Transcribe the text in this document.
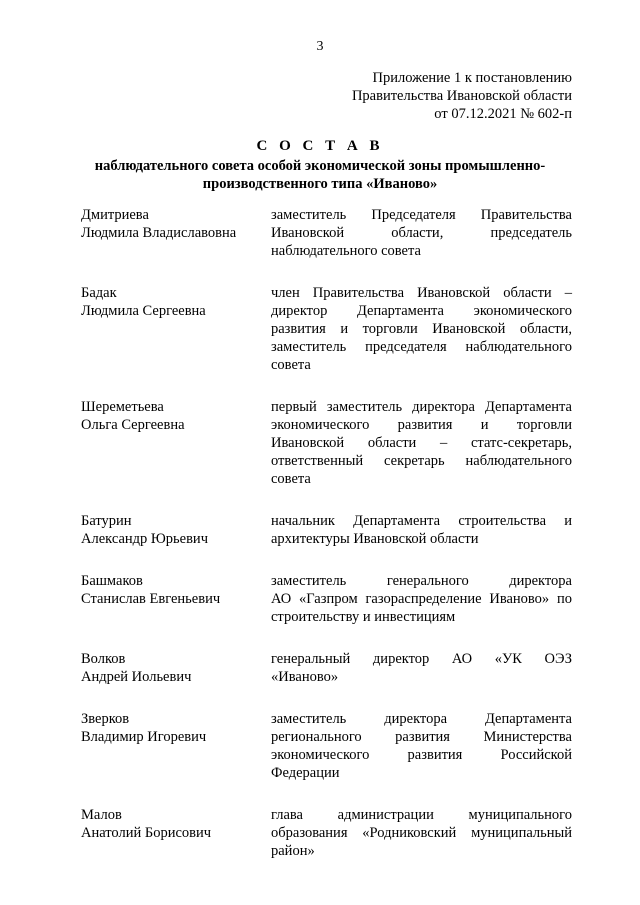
3
Приложение 1 к постановлению
Правительства Ивановской области
от 07.12.2021 № 602-п
С О С Т А В
наблюдательного совета особой экономической зоны промышленно-
производственного типа «Иваново»
Дмитриева
Людмила Владиславовна
заместитель Председателя Правительства
Ивановской области, председатель
наблюдательного совета
Бадак
Людмила Сергеевна
член Правительства Ивановской области –
директор Департамента экономического
развития и торговли Ивановской области,
заместитель председателя наблюдательного
совета
Шереметьева
Ольга Сергеевна
первый заместитель директора Департамента
экономического развития и торговли
Ивановской области – статс-секретарь,
ответственный секретарь наблюдательного
совета
Батурин
Александр Юрьевич
начальник Департамента строительства и
архитектуры Ивановской области
Башмаков
Станислав Евгеньевич
заместитель генерального директора
АО «Газпром газораспределение Иваново» по
строительству и инвестициям
Волков
Андрей Иольевич
генеральный директор АО «УК ОЭЗ
«Иваново»
Зверков
Владимир Игоревич
заместитель директора Департамента
регионального развития Министерства
экономического развития Российской
Федерации
Малов
Анатолий Борисович
глава администрации муниципального
образования «Родниковский муниципальный
район»
